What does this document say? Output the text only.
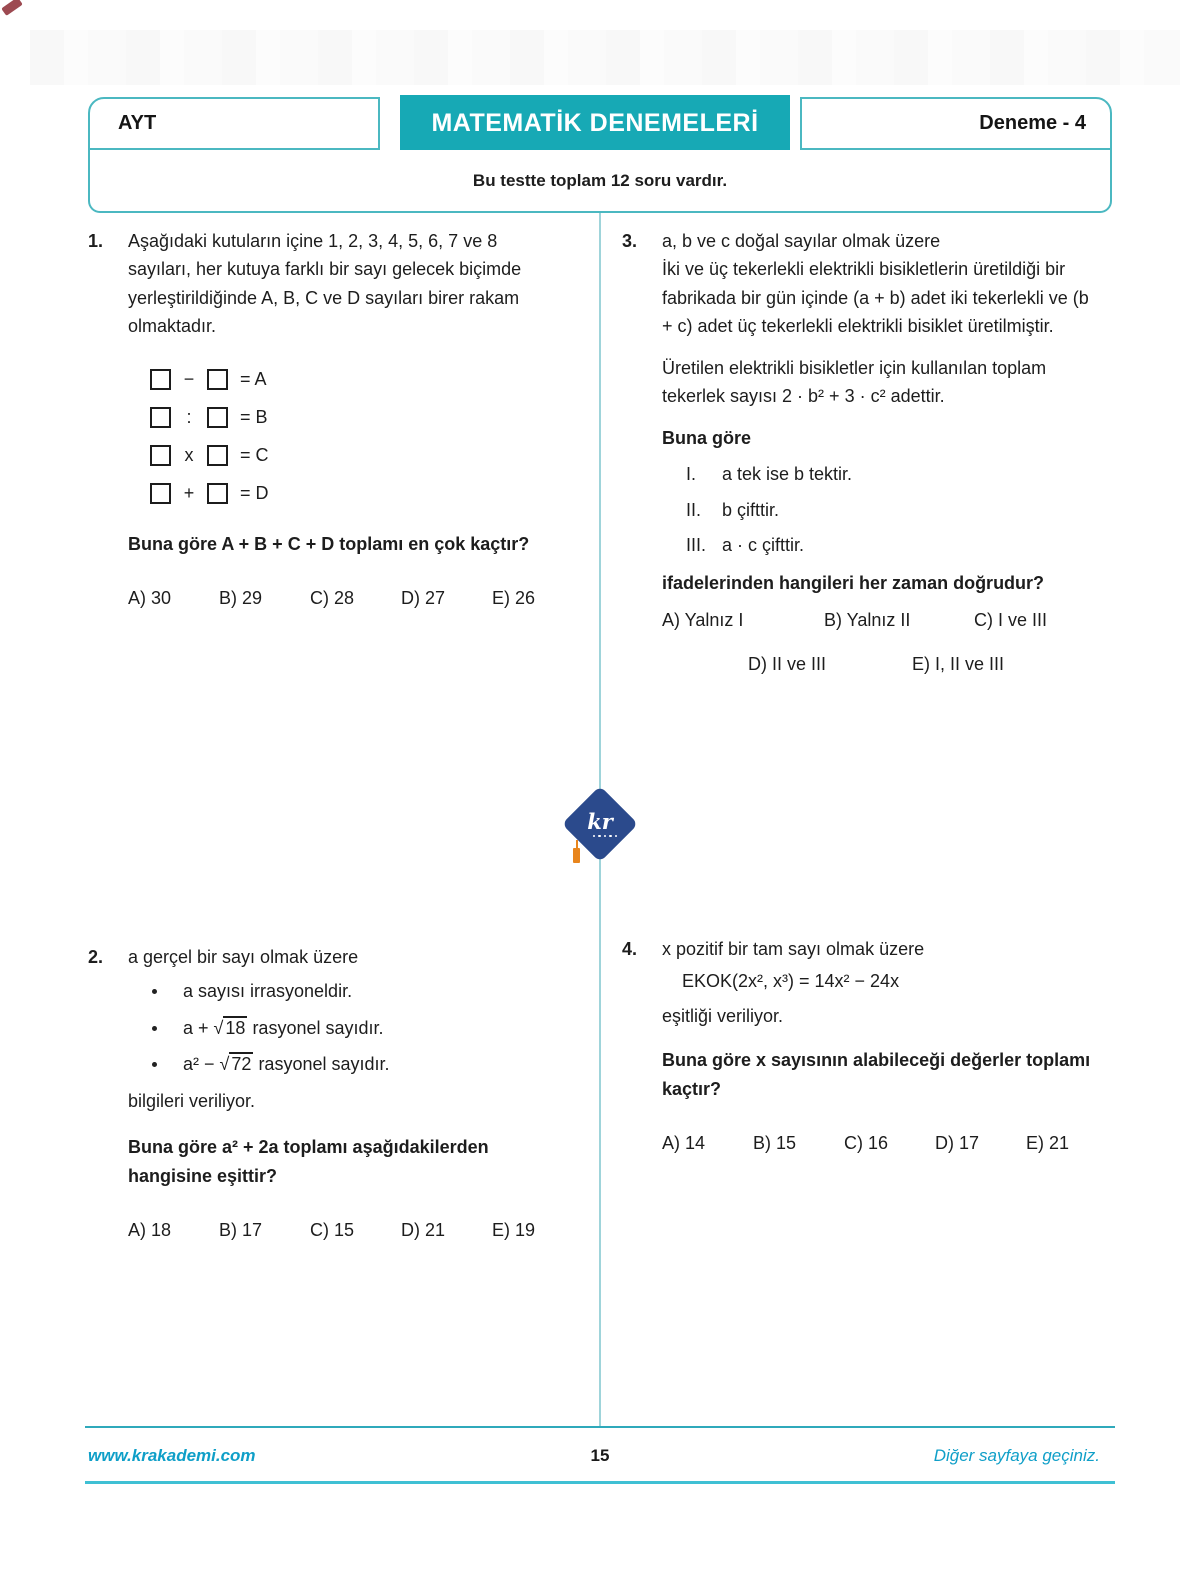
AYT	MATEMATİK DENEMELERİ	Deneme - 4
Bu testte toplam 12 soru vardır.
kr
1.	Aşağıdaki kutuların içine 1, 2, 3, 4, 5, 6, 7 ve 8 sayıları, her kutuya farklı bir sayı gelecek biçimde yerleştirildiğinde A, B, C ve D sayıları birer rakam olmaktadır.
−	= A
:	= B
x	= C
+	= D
Buna göre A + B + C + D toplamı en çok kaçtır?
A) 30	B) 29	C) 28	D) 27	E) 26
3.	a, b ve c doğal sayılar olmak üzere
İki ve üç tekerlekli elektrikli bisikletlerin üretildiği bir fabrikada bir gün içinde (a + b) adet iki tekerlekli ve (b + c) adet üç tekerlekli elektrikli bisiklet üretilmiştir.
Üretilen elektrikli bisikletler için kullanılan toplam tekerlek sayısı 2 · b² + 3 · c² adettir.
Buna göre
I.	a tek ise b tektir.
II.	b çifttir.
III. a · c çifttir.
ifadelerinden hangileri her zaman doğrudur?
A) Yalnız I	B) Yalnız II	C) I ve III
D) II ve III	E) I, II ve III
2.	a gerçel bir sayı olmak üzere
a sayısı irrasyoneldir.
a + √ 18 rasyonel sayıdır.
a² − √ 72 rasyonel sayıdır.
bilgileri veriliyor.
Buna göre a² + 2a toplamı aşağıdakilerden hangisine eşittir?
A) 18	B) 17	C) 15	D) 21	E) 19
4.	x pozitif bir tam sayı olmak üzere
EKOK(2x², x³) = 14x² − 24x
eşitliği veriliyor.
Buna göre x sayısının alabileceği değerler toplamı kaçtır?
A) 14	B) 15	C) 16	D) 17	E) 21
www.krakademi.com	15	Diğer sayfaya geçiniz.
